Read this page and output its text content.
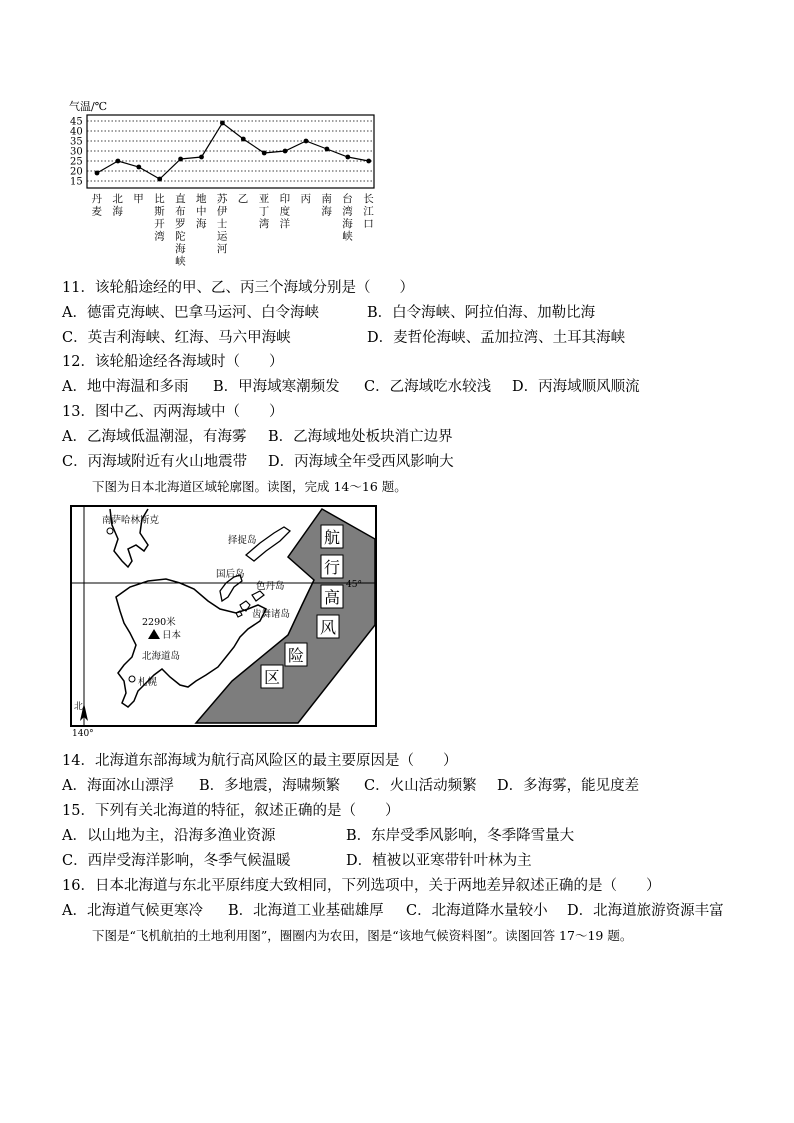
气温/℃
45
40
35
30
25
20
15
丹麦
北海
甲 比斯开湾
直布罗陀海峡
地中海
苏伊士运河
乙 亚丁湾
印度洋
丙 南海
台湾海峡
长江口
11．该轮船途经的甲、乙、丙三个海域分别是（　　）
A．德雷克海峡、巴拿马运河、白令海峡	B．白令海峡、阿拉伯海、加勒比海
C．英吉利海峡、红海、马六甲海峡	D．麦哲伦海峡、孟加拉湾、土耳其海峡
12．该轮船途经各海域时（　　）
A．地中海温和多雨 B．甲海域寒潮频发 C．乙海域吃水较浅 D．丙海域顺风顺流
13．图中乙、丙两海域中（　　）
A．乙海域低温潮湿，有海雾 B．乙海域地处板块消亡边界
C．丙海域附近有火山地震带 D．丙海域全年受西风影响大
下图为日本北海道区域轮廓图。读图，完成 14～16 题。
南萨哈林斯克
择捉岛
国后岛
色丹岛
齿舞诸岛
2290米
日本
北海道岛
札幌
45°
140°
北
航
行
高
风
险
区
14．北海道东部海域为航行高风险区的最主要原因是（　　）
A．海面冰山漂浮 B．多地震，海啸频繁 C．火山活动频繁 D．多海雾，能见度差
15．下列有关北海道的特征，叙述正确的是（　　）
A．以山地为主，沿海多渔业资源	B．东岸受季风影响，冬季降雪量大
C．西岸受海洋影响，冬季气候温暖	D．植被以亚寒带针叶林为主
16．日本北海道与东北平原纬度大致相同，下列选项中，关于两地差异叙述正确的是（　　）
A．北海道气候更寒冷 B．北海道工业基础雄厚 C．北海道降水量较小 D．北海道旅游资源丰富
下图是“飞机航拍的土地利用图”，圈圈内为农田，图是“该地气候资料图”。读图回答 17～19 题。
